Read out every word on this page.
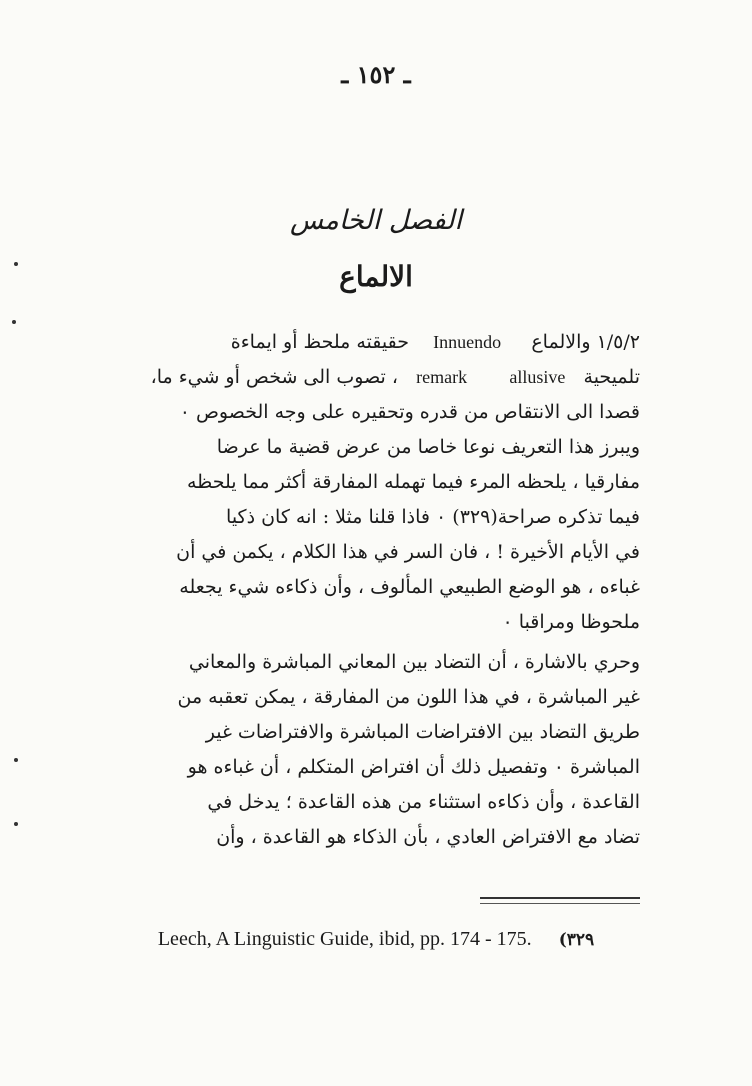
ـ ١٥٢ ـ
الفصل الخامس
الالماع
١/٥/٢ والالماع     Innuendo    حقيقته ملحظ أو ايماءة
تلميحية   remark allusive   ، تصوب الى شخص أو شيء ما،
قصدا الى الانتقاص من قدره وتحقيره على وجه الخصوص ٠
ويبرز هذا التعريف نوعا خاصا من عرض قضية ما عرضا
مفارقيا ، يلحظه المرء فيما تهمله المفارقة أكثر مما يلحظه
فيما تذكره صراحة(٣٢٩) ٠ فاذا قلنا مثلا : انه كان ذكيا
في الأيام الأخيرة ! ، فان السر في هذا الكلام ، يكمن في أن
غباءه ، هو الوضع الطبيعي المألوف ، وأن ذكاءه شيء يجعله
ملحوظا ومراقبا ٠
وحري بالاشارة ، أن التضاد بين المعاني المباشرة والمعاني
غير المباشرة ، في هذا اللون من المفارقة ، يمكن تعقبه من
طريق التضاد بين الافتراضات المباشرة والافتراضات غير
المباشرة ٠ وتفصيل ذلك أن افتراض المتكلم ، أن غباءه هو
القاعدة ، وأن ذكاءه استثناء من هذه القاعدة ؛ يدخل في
تضاد مع الافتراض العادي ، بأن الذكاء هو القاعدة ، وأن
Leech, A Linguistic Guide, ibid, pp. 174 - 175. (٣٢٩
